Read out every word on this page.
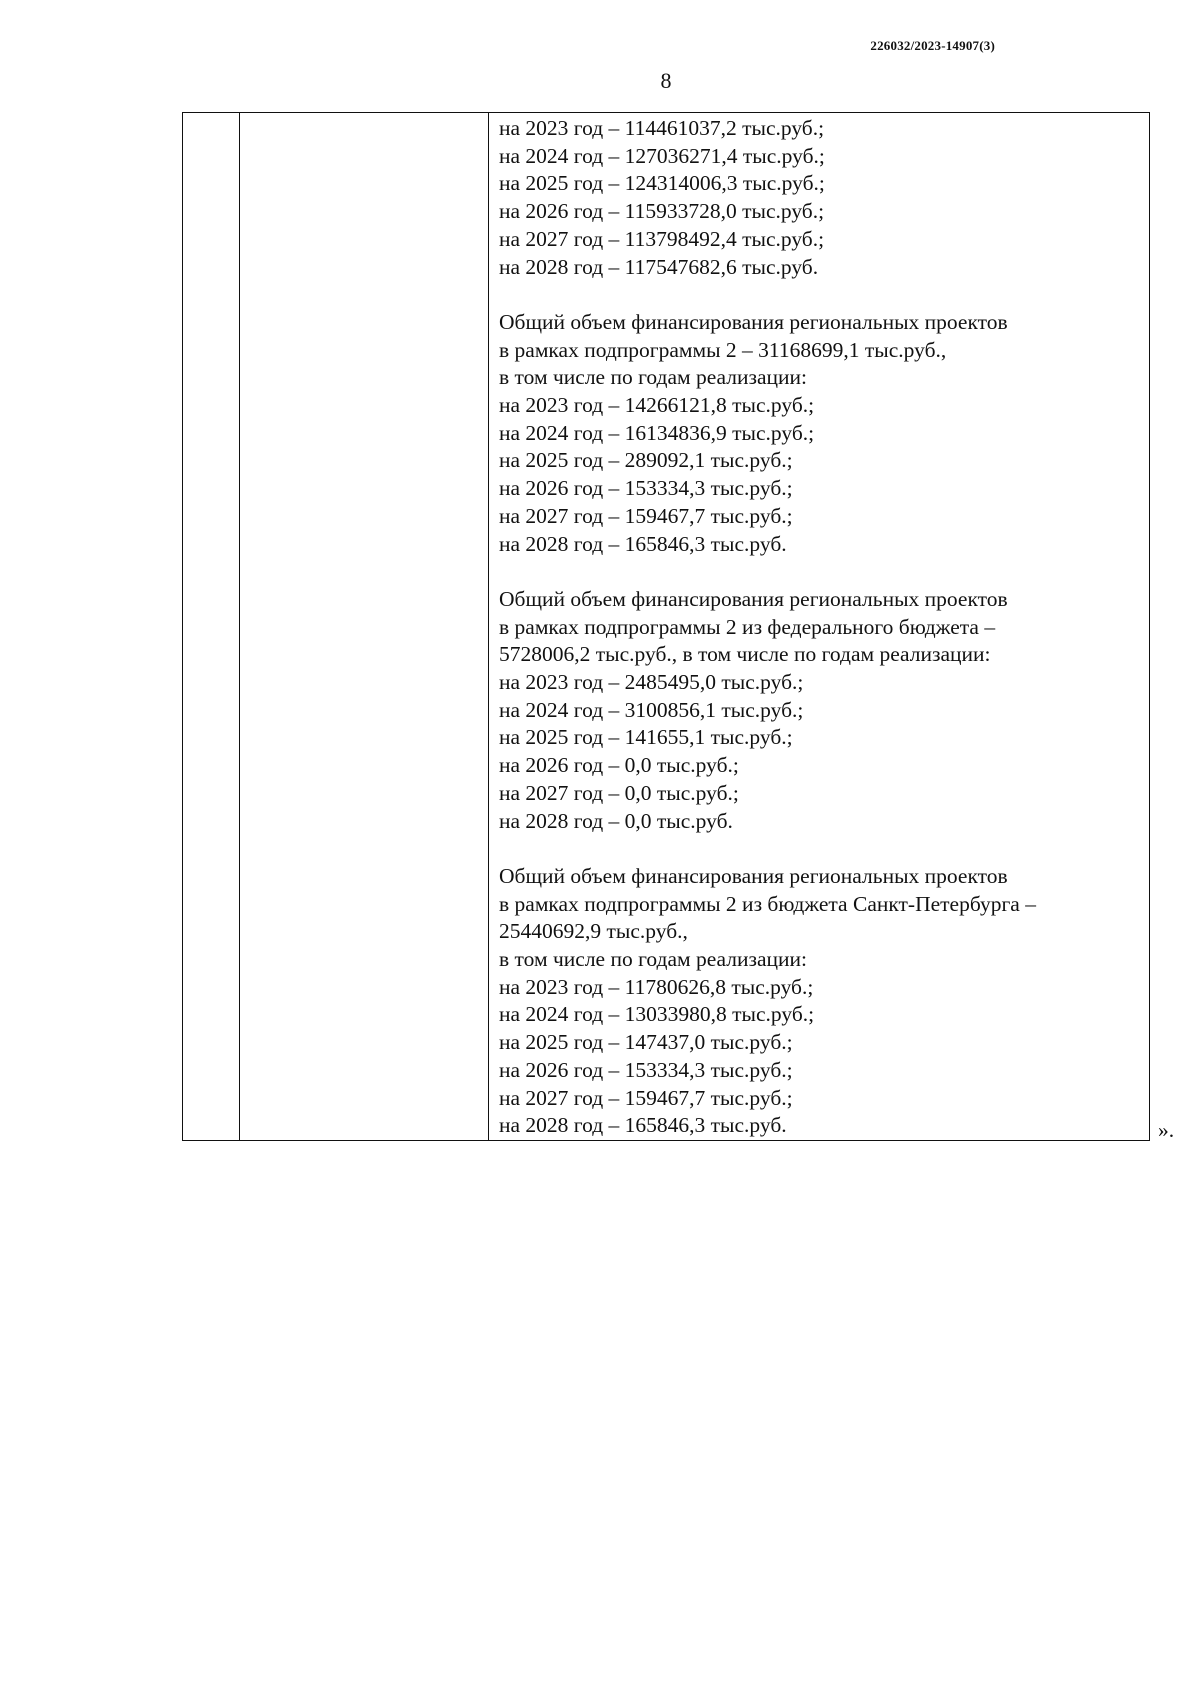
226032/2023-14907(3)
8
на 2023 год – 114461037,2 тыс.руб.;
на 2024 год – 127036271,4 тыс.руб.;
на 2025 год – 124314006,3 тыс.руб.;
на 2026 год – 115933728,0 тыс.руб.;
на 2027 год – 113798492,4 тыс.руб.;
на 2028 год – 117547682,6 тыс.руб.
Общий объем финансирования региональных проектов
в рамках подпрограммы 2 – 31168699,1 тыс.руб.,
в том числе по годам реализации:
на 2023 год – 14266121,8 тыс.руб.;
на 2024 год – 16134836,9 тыс.руб.;
на 2025 год – 289092,1 тыс.руб.;
на 2026 год – 153334,3 тыс.руб.;
на 2027 год – 159467,7 тыс.руб.;
на 2028 год – 165846,3 тыс.руб.
Общий объем финансирования региональных проектов
в рамках подпрограммы 2 из федерального бюджета –
5728006,2 тыс.руб., в том числе по годам реализации:
на 2023 год – 2485495,0 тыс.руб.;
на 2024 год – 3100856,1 тыс.руб.;
на 2025 год – 141655,1 тыс.руб.;
на 2026 год – 0,0 тыс.руб.;
на 2027 год – 0,0 тыс.руб.;
на 2028 год – 0,0 тыс.руб.
Общий объем финансирования региональных проектов
в рамках подпрограммы 2 из бюджета Санкт-Петербурга –
25440692,9 тыс.руб.,
в том числе по годам реализации:
на 2023 год – 11780626,8 тыс.руб.;
на 2024 год – 13033980,8 тыс.руб.;
на 2025 год – 147437,0 тыс.руб.;
на 2026 год – 153334,3 тыс.руб.;
на 2027 год – 159467,7 тыс.руб.;
на 2028 год – 165846,3 тыс.руб.	».
